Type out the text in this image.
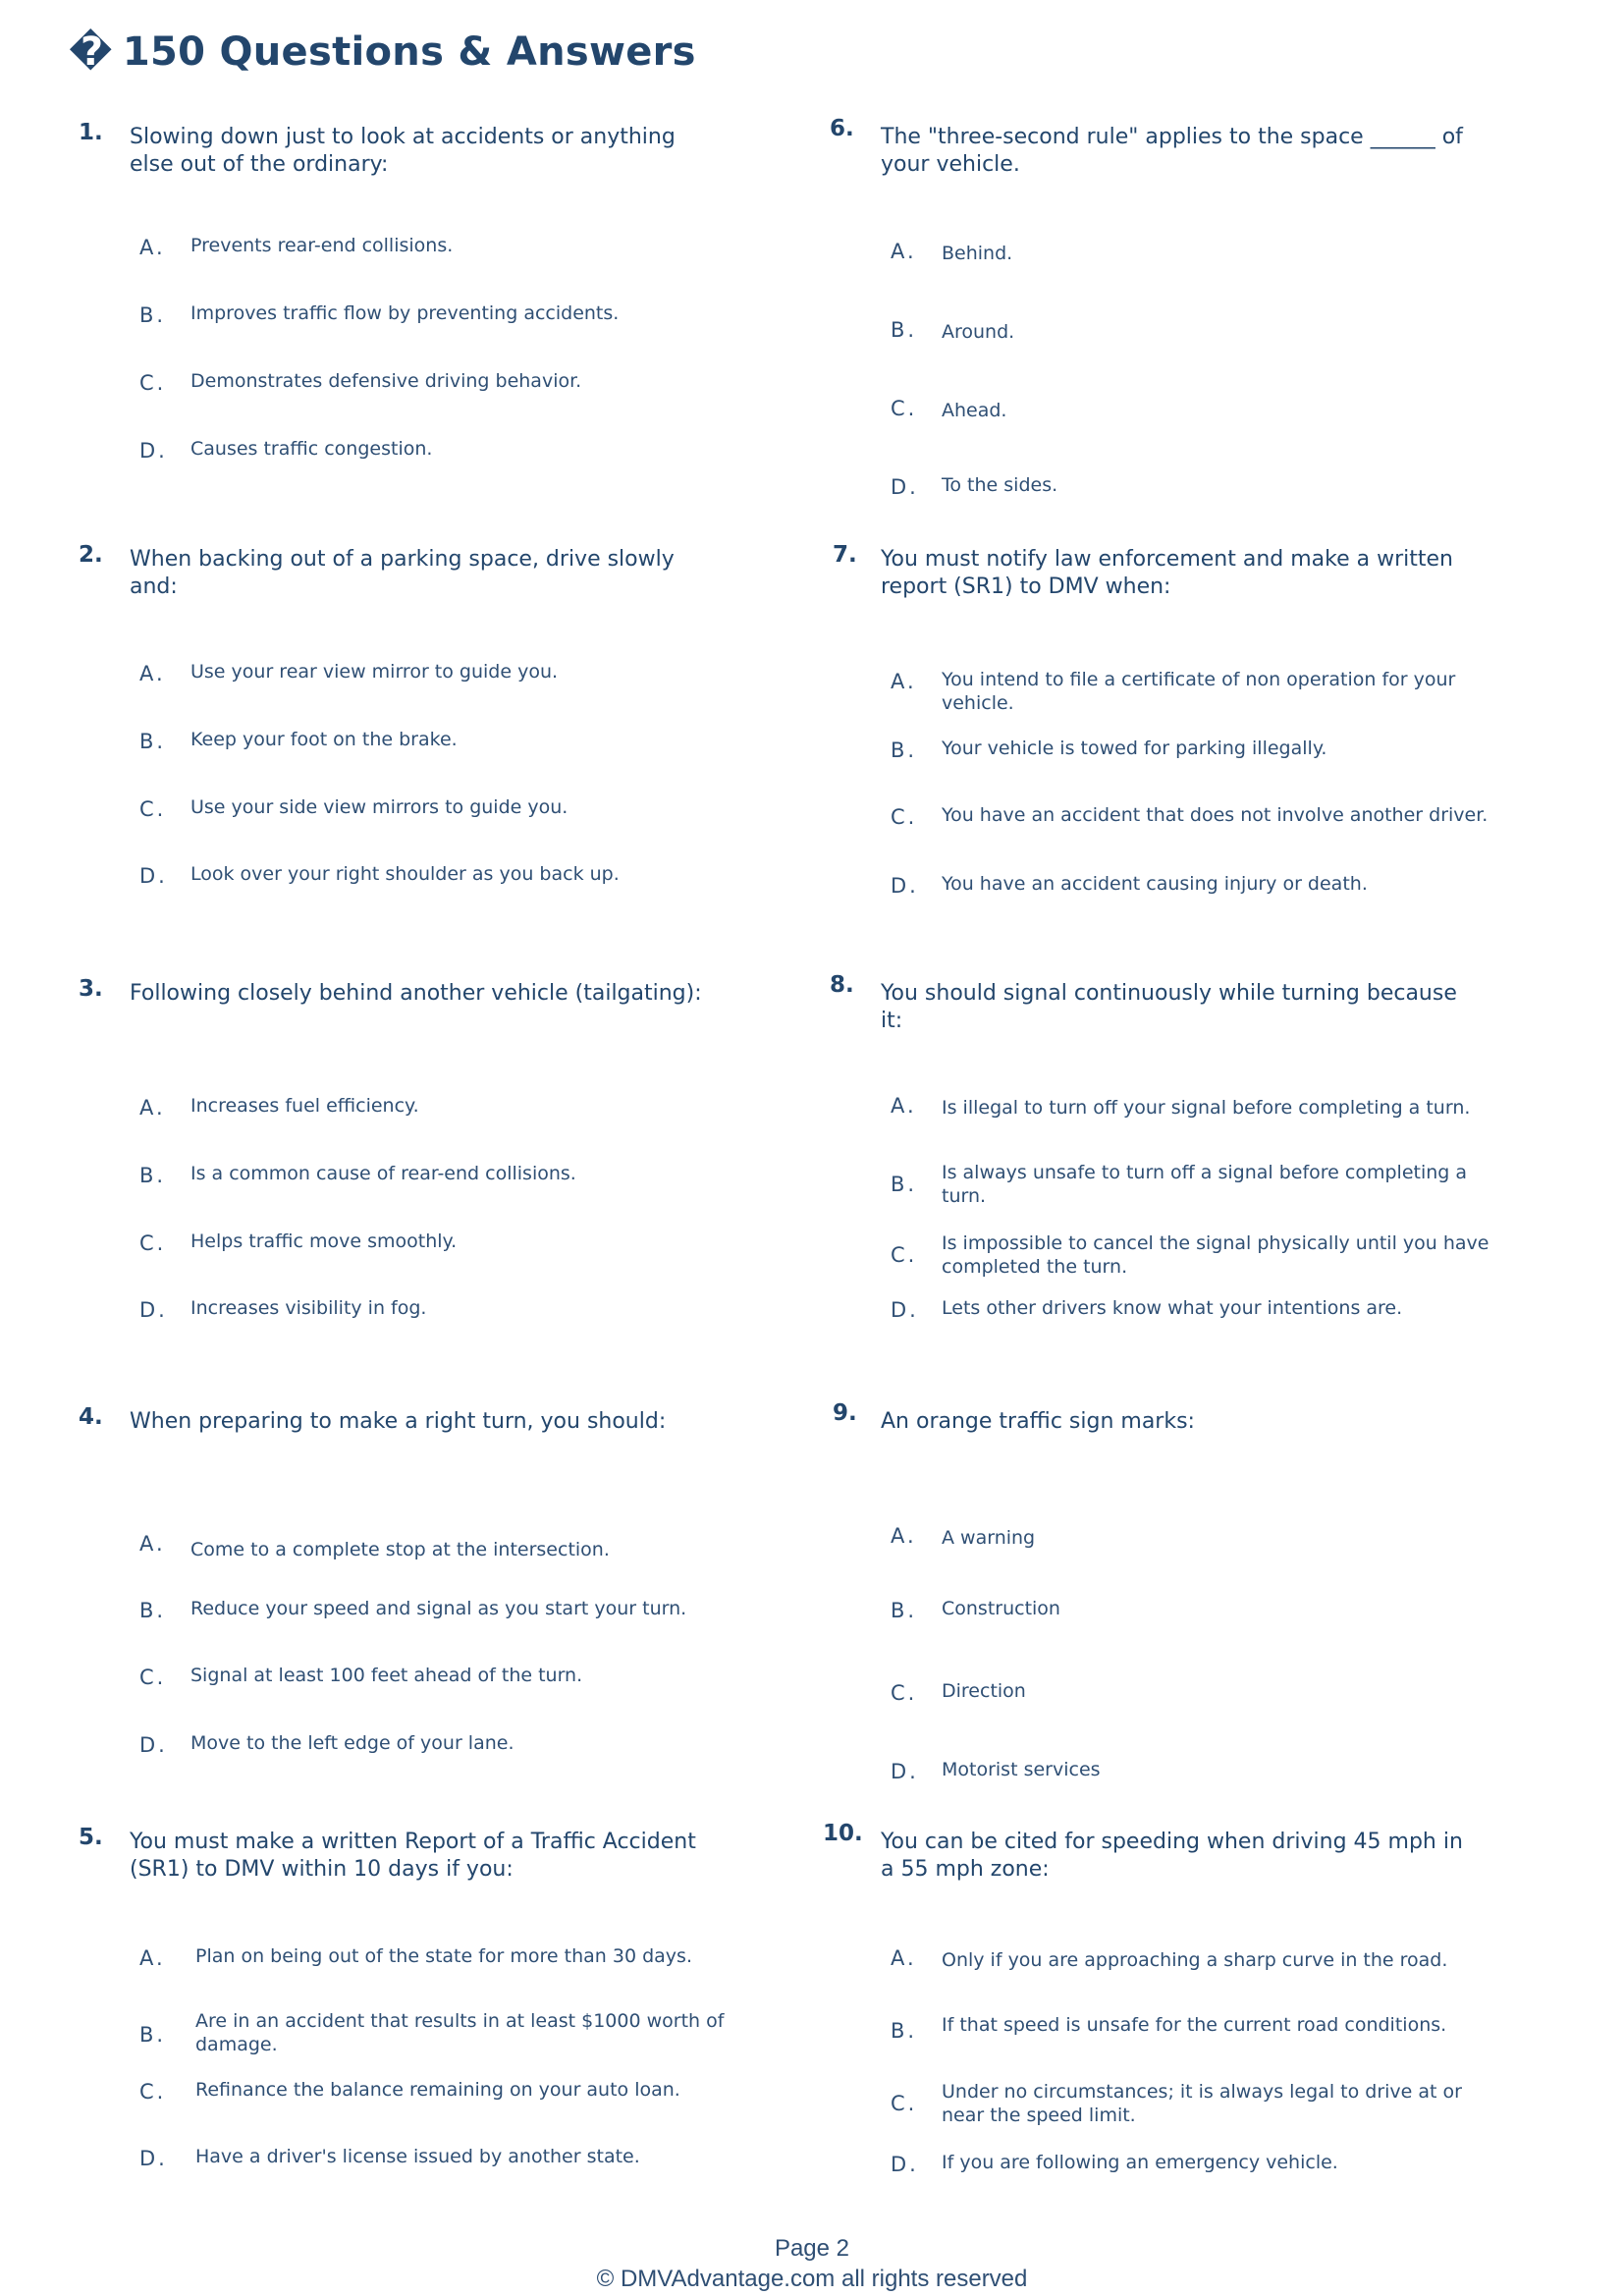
� 150 Questions & Answers
1. Slowing down just to look at accidents or anything else out of the ordinary:
A. Prevents rear-end collisions.
B. Improves traffic flow by preventing accidents.
C. Demonstrates defensive driving behavior.
D. Causes traffic congestion.
2. When backing out of a parking space, drive slowly and:
A. Use your rear view mirror to guide you.
B. Keep your foot on the brake.
C. Use your side view mirrors to guide you.
D. Look over your right shoulder as you back up.
3. Following closely behind another vehicle (tailgating):
A. Increases fuel efficiency.
B. Is a common cause of rear-end collisions.
C. Helps traffic move smoothly.
D. Increases visibility in fog.
4. When preparing to make a right turn, you should:
A. Come to a complete stop at the intersection.
B. Reduce your speed and signal as you start your turn.
C. Signal at least 100 feet ahead of the turn.
D. Move to the left edge of your lane.
5. You must make a written Report of a Traffic Accident (SR1) to DMV within 10 days if you:
A. Plan on being out of the state for more than 30 days.
B.
Are in an accident that results in at least $1000 worth of damage.
C. Refinance the balance remaining on your auto loan.
D. Have a driver's license issued by another state.
6. The "three-second rule" applies to the space ______ of your vehicle.
A. Behind.
B. Around.
C. Ahead.
D. To the sides.
7. You must notify law enforcement and make a written report (SR1) to DMV when:
A. You intend to file a certificate of non operation for your vehicle.
B. Your vehicle is towed for parking illegally.
C. You have an accident that does not involve another driver.
D. You have an accident causing injury or death.
8. You should signal continuously while turning because it:
A. Is illegal to turn off your signal before completing a turn.
B. Is always unsafe to turn off a signal before completing a turn.
C. Is impossible to cancel the signal physically until you have completed the turn.
D. Lets other drivers know what your intentions are.
9. An orange traffic sign marks:
A. A warning
B. Construction
C. Direction
D. Motorist services
10. You can be cited for speeding when driving 45 mph in a 55 mph zone:
A. Only if you are approaching a sharp curve in the road.
B. If that speed is unsafe for the current road conditions.
C. Under no circumstances; it is always legal to drive at or near the speed limit.
D. If you are following an emergency vehicle.
Page 2
© DMVAdvantage.com all rights reserved
